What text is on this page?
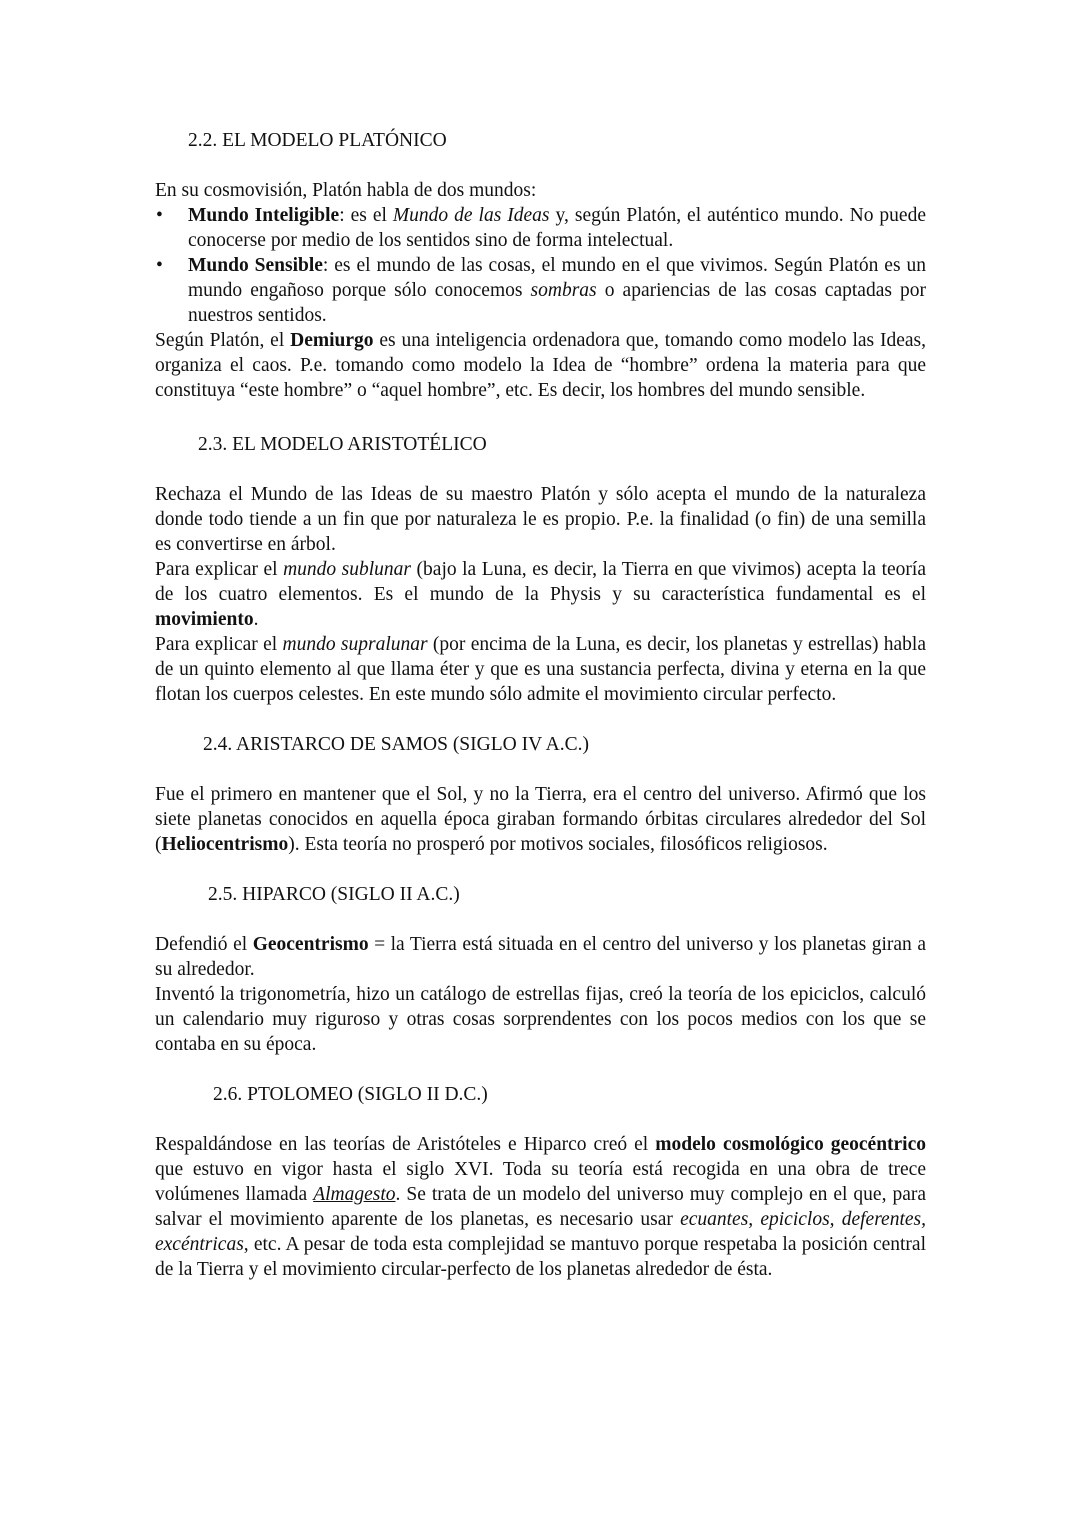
2.2. EL MODELO PLATÓNICO

En su cosmovisión, Platón habla de dos mundos:

•	Mundo Inteligible: es el Mundo de las Ideas y, según Platón, el auténtico mundo. No puede conocerse por medio de los sentidos sino de forma intelectual.
•	Mundo Sensible: es el mundo de las cosas, el mundo en el que vivimos. Según Platón es un mundo engañoso porque sólo conocemos sombras o apariencias de las cosas captadas por nuestros sentidos.

Según Platón, el Demiurgo es una inteligencia ordenadora que, tomando como modelo las Ideas, organiza el caos. P.e. tomando como modelo la Idea de “hombre” ordena la materia para que constituya “este hombre” o “aquel hombre”, etc. Es decir, los hombres del mundo sensible.

2.3. EL MODELO ARISTOTÉLICO

Rechaza el Mundo de las Ideas de su maestro Platón y sólo acepta el mundo de la naturaleza donde todo tiende a un fin que por naturaleza le es propio. P.e. la finalidad (o fin) de una semilla es convertirse en árbol.

Para explicar el mundo sublunar (bajo la Luna, es decir, la Tierra en que vivimos) acepta la teoría de los cuatro elementos. Es el mundo de la Physis y su característica fundamental es el movimiento.

Para explicar el mundo supralunar (por encima de la Luna, es decir, los planetas y estrellas) habla de un quinto elemento al que llama éter y que es una sustancia perfecta, divina y eterna en la que flotan los cuerpos celestes. En este mundo sólo admite el movimiento circular perfecto.

2.4. ARISTARCO DE SAMOS (SIGLO IV A.C.)

Fue el primero en mantener que el Sol, y no la Tierra, era el centro del universo. Afirmó que los siete planetas conocidos en aquella época giraban formando órbitas circulares alrededor del Sol (Heliocentrismo). Esta teoría no prosperó por motivos sociales, filosóficos religiosos.

2.5. HIPARCO (SIGLO II A.C.)

Defendió el Geocentrismo = la Tierra está situada en el centro del universo y los planetas giran a su alrededor.

Inventó la trigonometría, hizo un catálogo de estrellas fijas, creó la teoría de los epiciclos, calculó un calendario muy riguroso y otras cosas sorprendentes con los pocos medios con los que se contaba en su época.

2.6. PTOLOMEO (SIGLO II D.C.)

Respaldándose en las teorías de Aristóteles e Hiparco creó el modelo cosmológico geocéntrico que estuvo en vigor hasta el siglo XVI. Toda su teoría está recogida en una obra de trece volúmenes llamada Almagesto. Se trata de un modelo del universo muy complejo en el que, para salvar el movimiento aparente de los planetas, es necesario usar ecuantes, epiciclos, deferentes, excéntricas, etc. A pesar de toda esta complejidad se mantuvo porque respetaba la posición central de la Tierra y el movimiento circular-perfecto de los planetas alrededor de ésta.
